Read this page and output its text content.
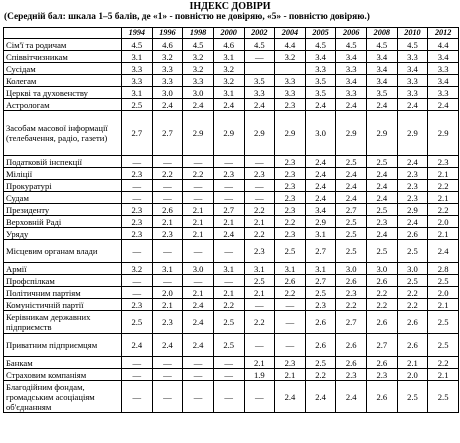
ІНДЕКС ДОВІРИ
(Середній бал: шкала 1–5 балів, де «1» - повністю не довіряю, «5» - повністю довіряю.)
	1994	1996	1998	2000	2002	2004	2005	2006	2008	2010	2012
Сім'ї та родичам	4.5	4.6	4.5	4.6	4.5	4.4	4.5	4.5	4.5	4.5	4.4
Співвітчизникам	3.1	3.2	3.2	3.1	—	3.2	3.4	3.4	3.4	3.3	3.4
Сусідам	3.3	3.3	3.2	3.2			3.3	3.3	3.4	3.4	3.3
Колегам	3.3	3.3	3.3	3.2	3.5	3.3	3.5	3.4	3.4	3.3	3.4
Церкві та духовенству	3.1	3.0	3.0	3.1	3.3	3.3	3.5	3.3	3.5	3.3	3.3
Астрологам	2.5	2.4	2.4	2.4	2.4	2.3	2.4	2.4	2.4	2.4	2.4
Засобам масової інформації (телебачення, радіо, газети)	2.7	2.7	2.9	2.9	2.9	2.9	3.0	2.9	2.9	2.9	2.9
Податковій інспекції	—	—	—	—	—	2.3	2.4	2.5	2.5	2.4	2.3
Міліції	2.3	2.2	2.2	2.3	2.3	2.3	2.4	2.4	2.4	2.3	2.1
Прокуратурі	—	—	—	—	—	2.3	2.4	2.4	2.4	2.3	2.2
Судам	—	—	—	—	—	2.3	2.4	2.4	2.4	2.3	2.1
Президенту	2.3	2.6	2.1	2.7	2.2	2.3	3.4	2.7	2.5	2.9	2.2
Верховній Раді	2.3	2.1	2.1	2.1	2.1	2.2	2.9	2.5	2.3	2.4	2.0
Уряду	2.3	2.3	2.1	2.4	2.2	2.3	3.1	2.5	2.4	2.6	2.1
Місцевим органам влади	—	—	—	—	2.3	2.5	2.7	2.5	2.5	2.5	2.4
Армії	3.2	3.1	3.0	3.1	3.1	3.1	3.1	3.0	3.0	3.0	2.8
Профспілкам	—	—	—	—	2.5	2.6	2.7	2.6	2.6	2.5	2.5
Політичним партіям	—	2.0	2.1	2.1	2.1	2.2	2.5	2.3	2.2	2.2	2.0
Комуністичній партії	2.3	2.1	2.4	2.2	—	—	2.3	2.2	2.2	2.2	2.1
Керівникам державних підприємств	2.5	2.3	2.4	2.5	2.2	—	2.6	2.7	2.6	2.6	2.5
Приватним підприємцям	2.4	2.4	2.4	2.5	—	—	2.6	2.6	2.7	2.6	2.5
Банкам	—	—	—	—	2.1	2.3	2.5	2.6	2.6	2.1	2.2
Страховим компаніям	—	—	—	—	1.9	2.1	2.2	2.3	2.3	2.0	2.1
Благодійним фондам, громадським асоціаціям об'єднанням	—	—	—	—	—	2.4	2.4	2.4	2.6	2.5	2.5
